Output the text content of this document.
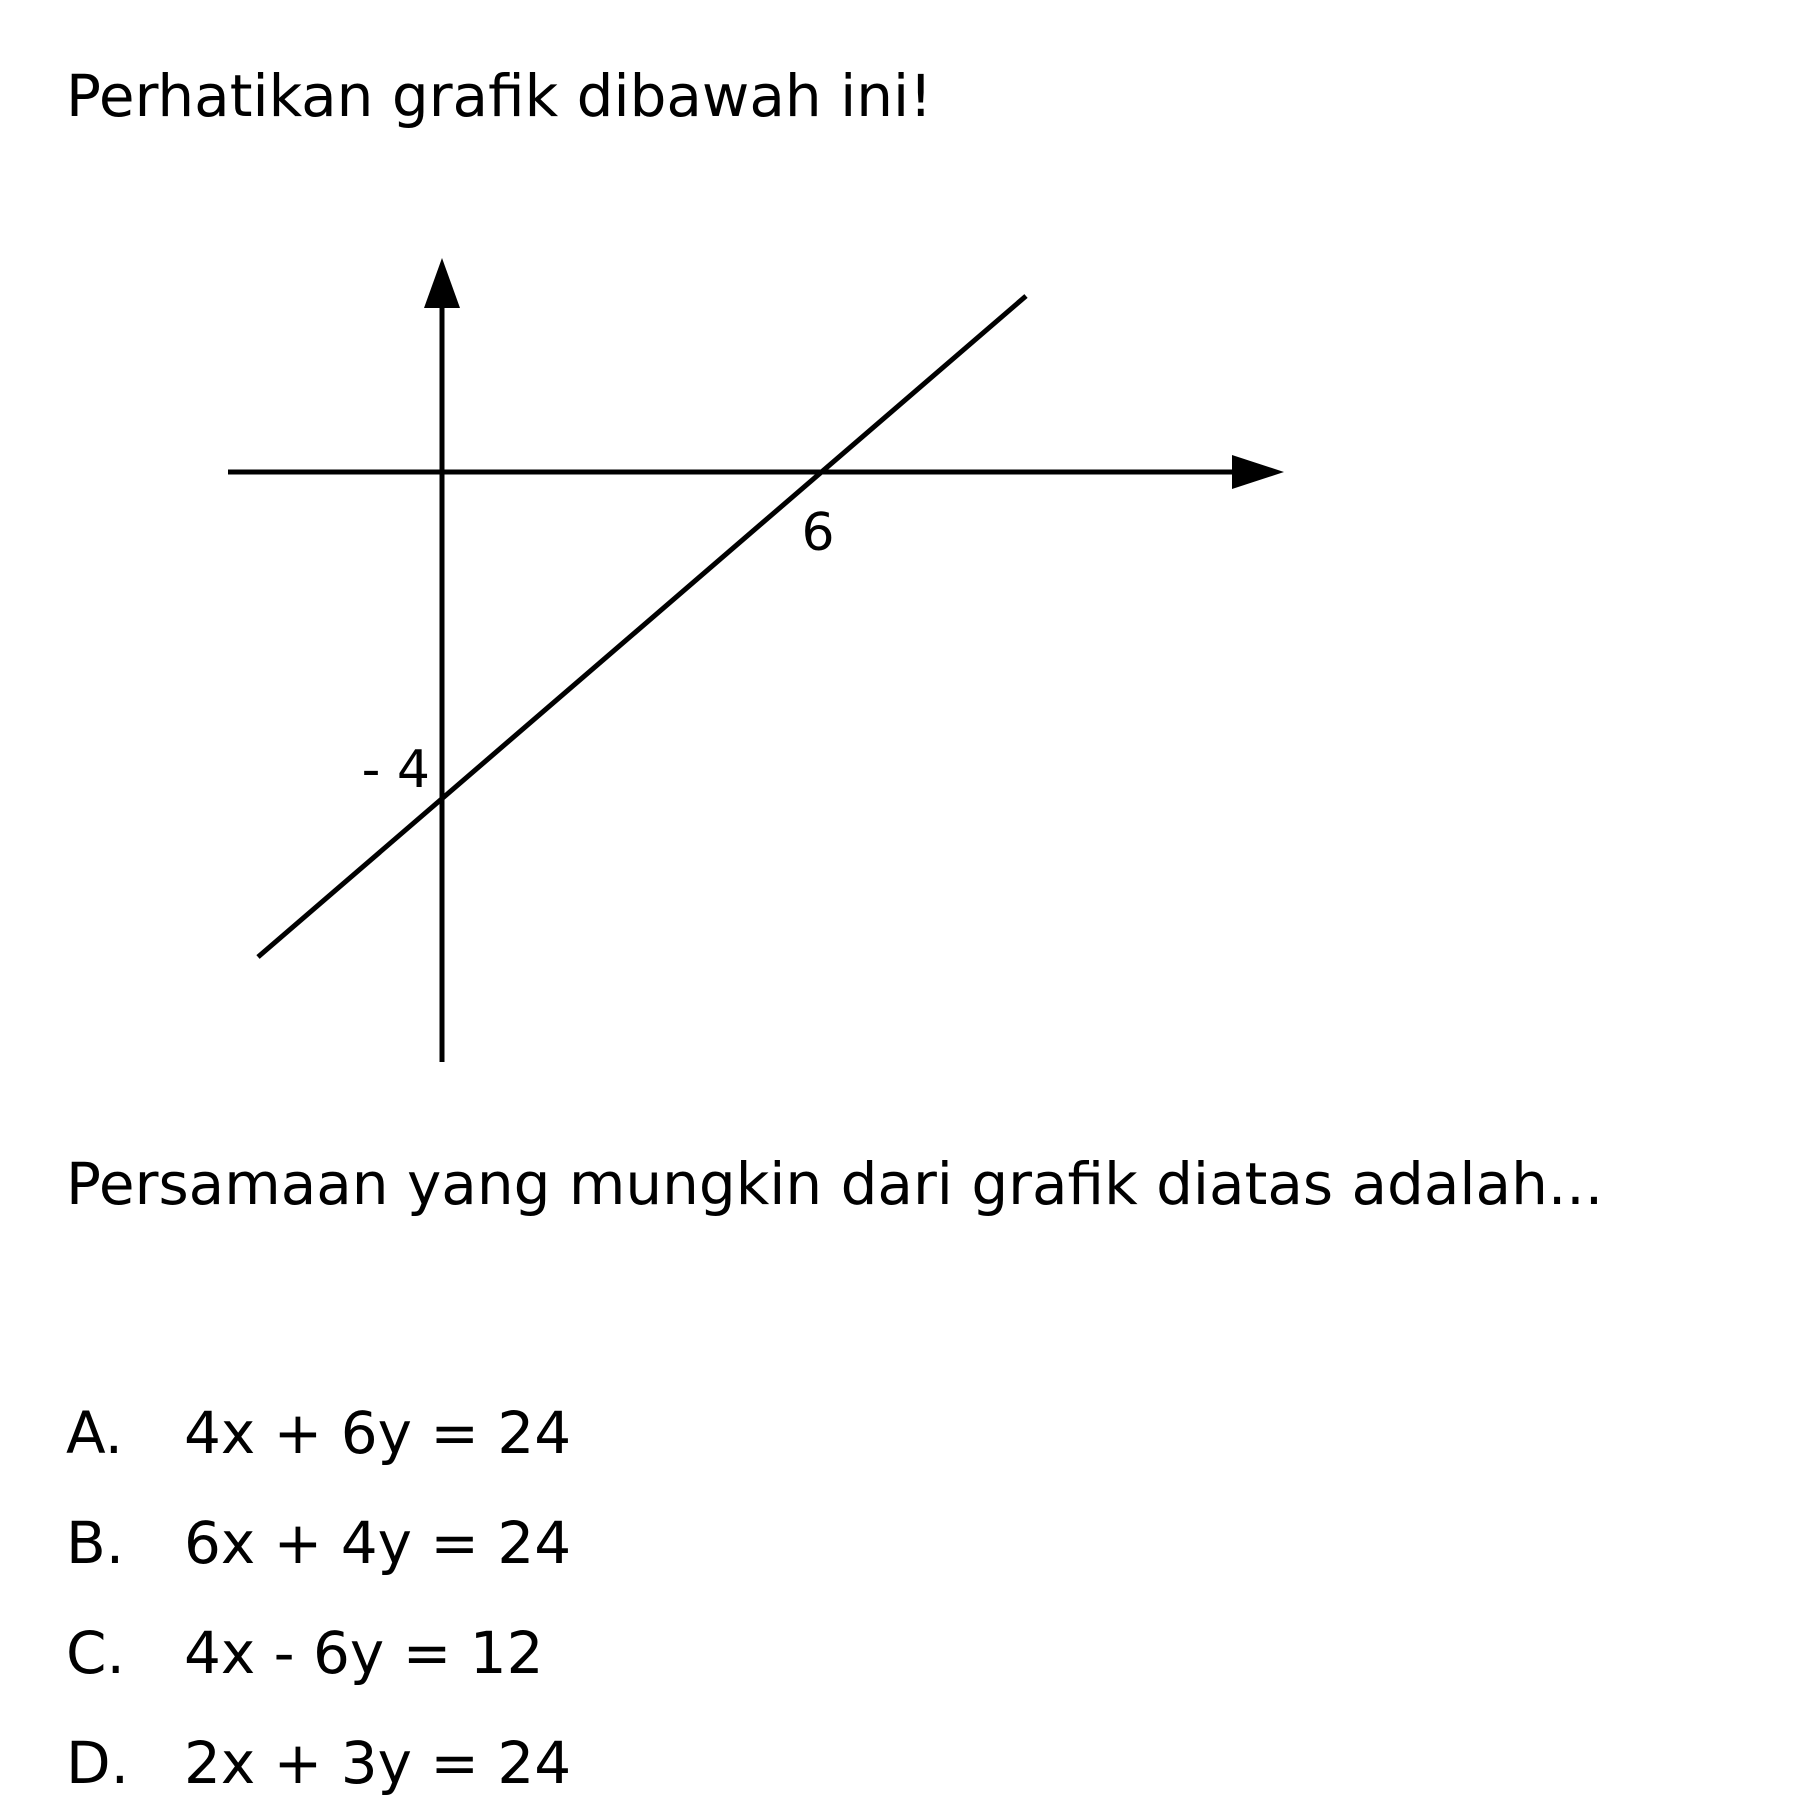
Perhatikan grafik dibawah ini!
6
- 4
Persamaan yang mungkin dari grafik diatas adalah...
A. 4x + 6y = 24
B. 6x + 4y = 24
C. 4x - 6y = 12
D. 2x + 3y = 24
